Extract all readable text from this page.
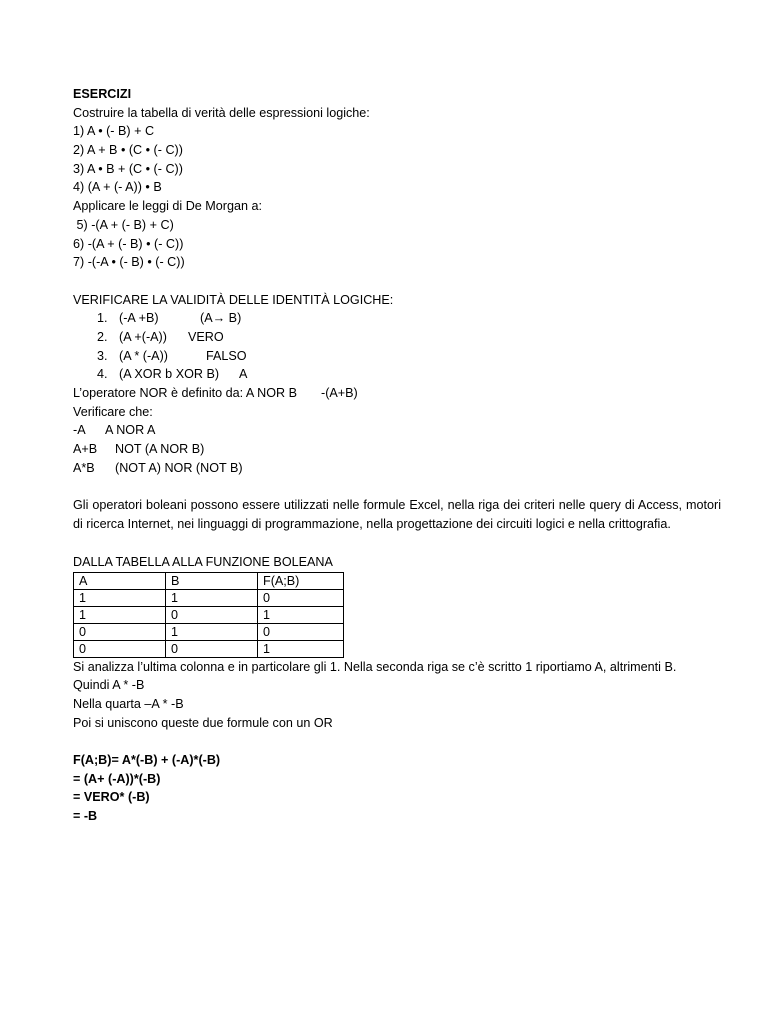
ESERCIZI
Costruire la tabella di verità delle espressioni logiche:
1) A • (- B) + C
2) A + B • (C • (- C))
3) A • B + (C • (- C))
4) (A + (- A)) • B
Applicare le leggi di De Morgan a:
5) -(A + (- B) + C)
6) -(A + (- B) • (- C))
7) -(-A • (- B) • (- C))
VERIFICARE LA VALIDITÀ DELLE IDENTITÀ LOGICHE:
1. (-A +B)	(A→ B)
2. (A +(-A)) VERO
3. (A * (-A))	FALSO
4. (A XOR b XOR B) A
L’operatore NOR è definito da: A NOR B -(A+B)
Verificare che:
-A A NOR A
A+B NOT (A NOR B)
A*B (NOT A) NOR (NOT B)

Gli operatori boleani possono essere utilizzati nelle formule Excel, nella riga dei criteri nelle query di Access, motori di ricerca Internet, nei linguaggi di programmazione, nella progettazione dei circuiti logici e nella crittografia.

DALLA TABELLA ALLA FUNZIONE BOLEANA
A	B	F(A;B)
1	1	0
1	0	1
0	1	0
0	0	1

Si analizza l’ultima colonna e in particolare gli 1. Nella seconda riga se c’è scritto 1 riportiamo A, altrimenti B.

Quindi A * -B
Nella quarta –A * -B
Poi si uniscono queste due formule con un OR
F(A;B)= A*(-B) + (-A)*(-B)
= (A+ (-A))*(-B)
= VERO* (-B)
= -B
